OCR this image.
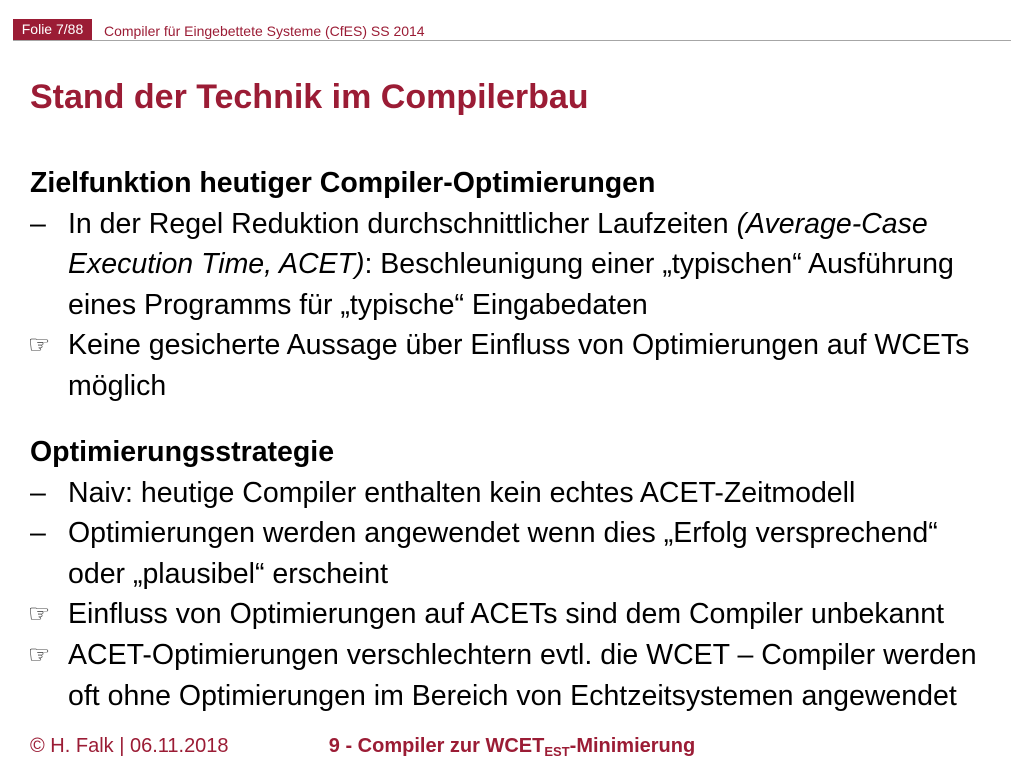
Folie 7/88	Compiler für Eingebettete Systeme (CfES) SS 2014
Stand der Technik im Compilerbau
Zielfunktion heutiger Compiler-Optimierungen
– In der Regel Reduktion durchschnittlicher Laufzeiten (Average-Case
Execution Time, ACET): Beschleunigung einer „typischen“ Ausführung
eines Programms für „typische“ Eingabedaten
☞
Keine gesicherte Aussage über Einfluss von Optimierungen auf WCETs
möglich
Optimierungsstrategie
– Naiv: heutige Compiler enthalten kein echtes ACET-Zeitmodell
– Optimierungen werden angewendet wenn dies „Erfolg versprechend“
oder „plausibel“ erscheint
☞
Einfluss von Optimierungen auf ACETs sind dem Compiler unbekannt
☞
ACET-Optimierungen verschlechtern evtl. die WCET – Compiler werden
oft ohne Optimierungen im Bereich von Echtzeitsystemen angewendet
© H. Falk | 06.11.2018	9 - Compiler zur $WCET_{EST}$-Minimierung
